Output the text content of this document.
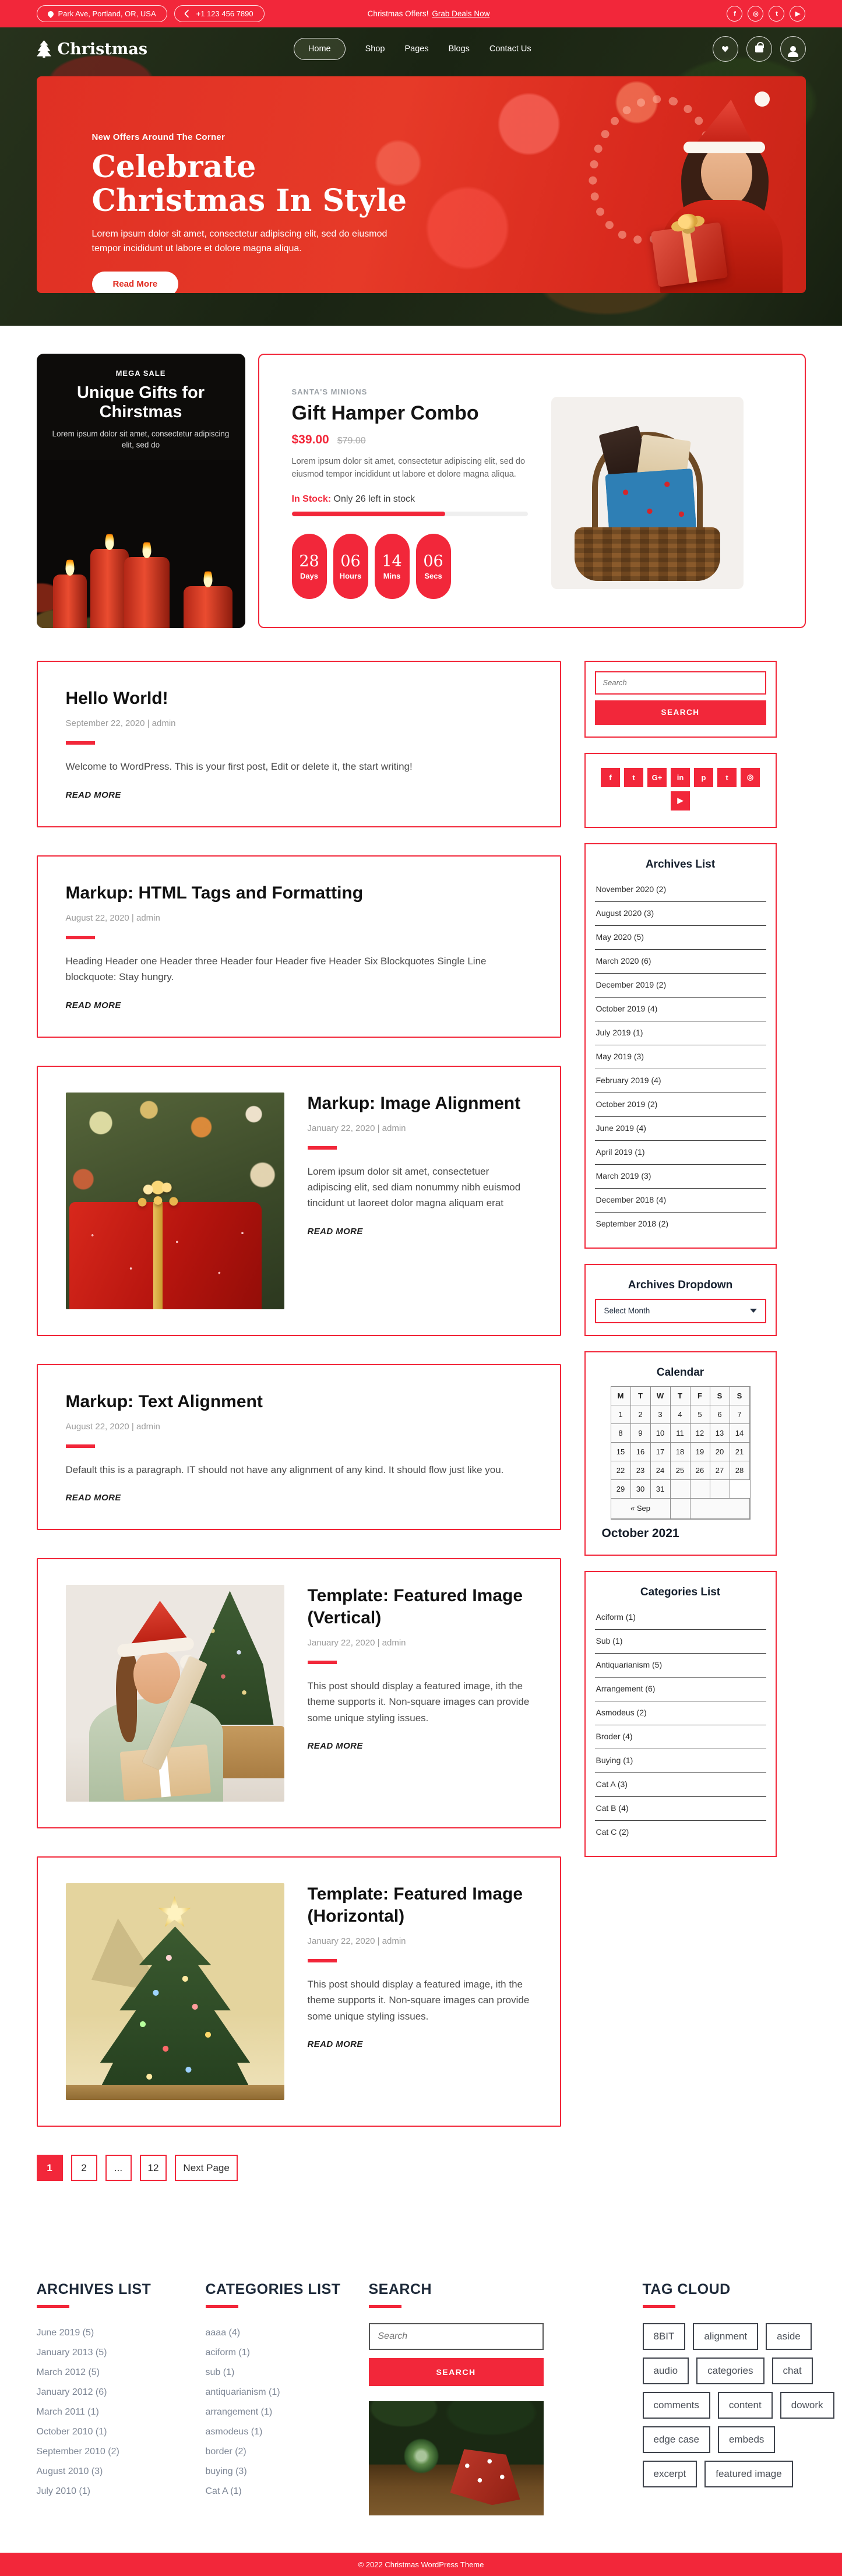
Park Ave, Portland, OR, USA	+1 123 456 7890	Christmas Offers! Grab Deals Now	f	◎	t	▶
Christmas	Home	Shop Pages Blogs Contact Us
New Offers Around The Corner
Celebrate Christmas In Style

Lorem ipsum dolor sit amet, consectetur adipiscing elit, sed do eiusmod tempor incididunt ut labore et dolore magna aliqua.

Read More
MEGA SALE
Unique Gifts for Chirstmas
Lorem ipsum dolor sit amet, consectetur adipiscing elit, sed do
SANTA'S MINIONS
Gift Hamper Combo
$39.00 $79.00

Lorem ipsum dolor sit amet, consectetur adipiscing elit, sed do eiusmod tempor incididunt ut labore et dolore magna aliqua.

In Stock: Only 26 left in stock
28
Days
06
Hours
14
Mins
06
Secs
Hello World!
September 22, 2020 | admin

Welcome to WordPress. This is your first post, Edit or delete it, the start writing!

READ MORE
Markup: HTML Tags and Formatting
August 22, 2020 | admin

Heading Header one Header three Header four Header five Header Six Blockquotes Single Line blockquote: Stay hungry.

READ MORE
Markup: Image Alignment
January 22, 2020 | admin

Lorem ipsum dolor sit amet, consectetuer adipiscing elit, sed diam nonummy nibh euismod tincidunt ut laoreet dolor magna aliquam erat

READ MORE
Markup: Text Alignment
August 22, 2020 | admin

Default this is a paragraph. IT should not have any alignment of any kind. It should flow just like you.

READ MORE
Template: Featured Image (Vertical)
January 22, 2020 | admin

This post should display a featured image, ith the theme supports it. Non-square images can provide some unique styling issues.

READ MORE
Template: Featured Image (Horizontal)
January 22, 2020 | admin

This post should display a featured image, ith the theme supports it. Non-square images can provide some unique styling issues.

READ MORE
1	2	...	12	Next Page
Search SEARCH
f	t G+ in p	t ◎
▶
Archives List
November 2020 (2)
August 2020 (3)
May 2020 (5)
March 2020 (6)
December 2019 (2)
October 2019 (4)
July 2019 (1)
May 2019 (3)
February 2019 (4)
October 2019 (2)
June 2019 (4)
April 2019 (1)
March 2019 (3)
December 2018 (4)
September 2018 (2)
Archives Dropdown
Select Month
Calendar
M	T	W	T	F	S	S
1	2	3	4	5	6	7
8	9	10	11	12	13	14
15	16	17	18	19	20	21
22	23	24	25	26	27	28
29	30	31
« Sep
October 2021
Categories List
Aciform (1)
Sub (1)
Antiquarianism (5)
Arrangement (6)
Asmodeus (2)
Broder (4)
Buying (1)
Cat A (3)
Cat B (4)
Cat C (2)
ARCHIVES LIST
June 2019 (5)
January 2013 (5)
March 2012 (5)
January 2012 (6)
March 2011 (1)
October 2010 (1)
September 2010 (2)
August 2010 (3)
July 2010 (1)
CATEGORIES LIST
aaaa (4)
aciform (1)
sub (1)
antiquarianism (1)
arrangement (1)
asmodeus (1)
border (2)
buying (3)
Cat A (1)
SEARCH
Search
SEARCH
TAG CLOUD
8BIT	alignment	aside
audio	categories	chat
comments	content	dowork
edge case	embeds
excerpt	featured image
© 2022 Christmas WordPress Theme
